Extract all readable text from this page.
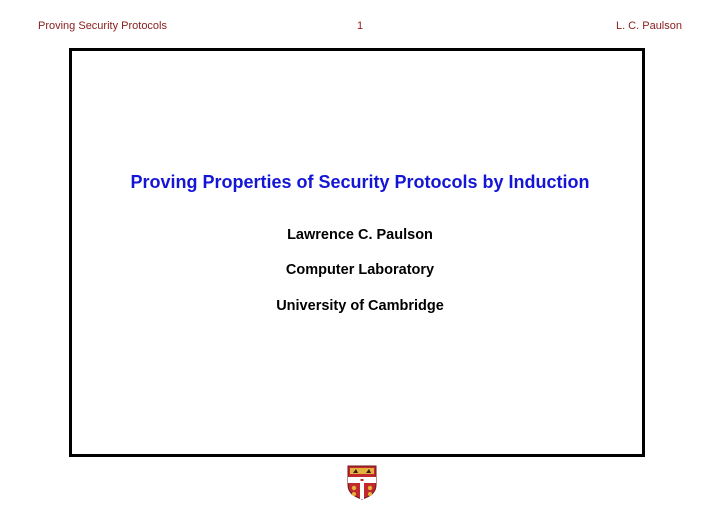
Proving Security Protocols	1	L. C. Paulson
Proving Properties of Security Protocols by Induction
Lawrence C. Paulson
Computer Laboratory
University of Cambridge
